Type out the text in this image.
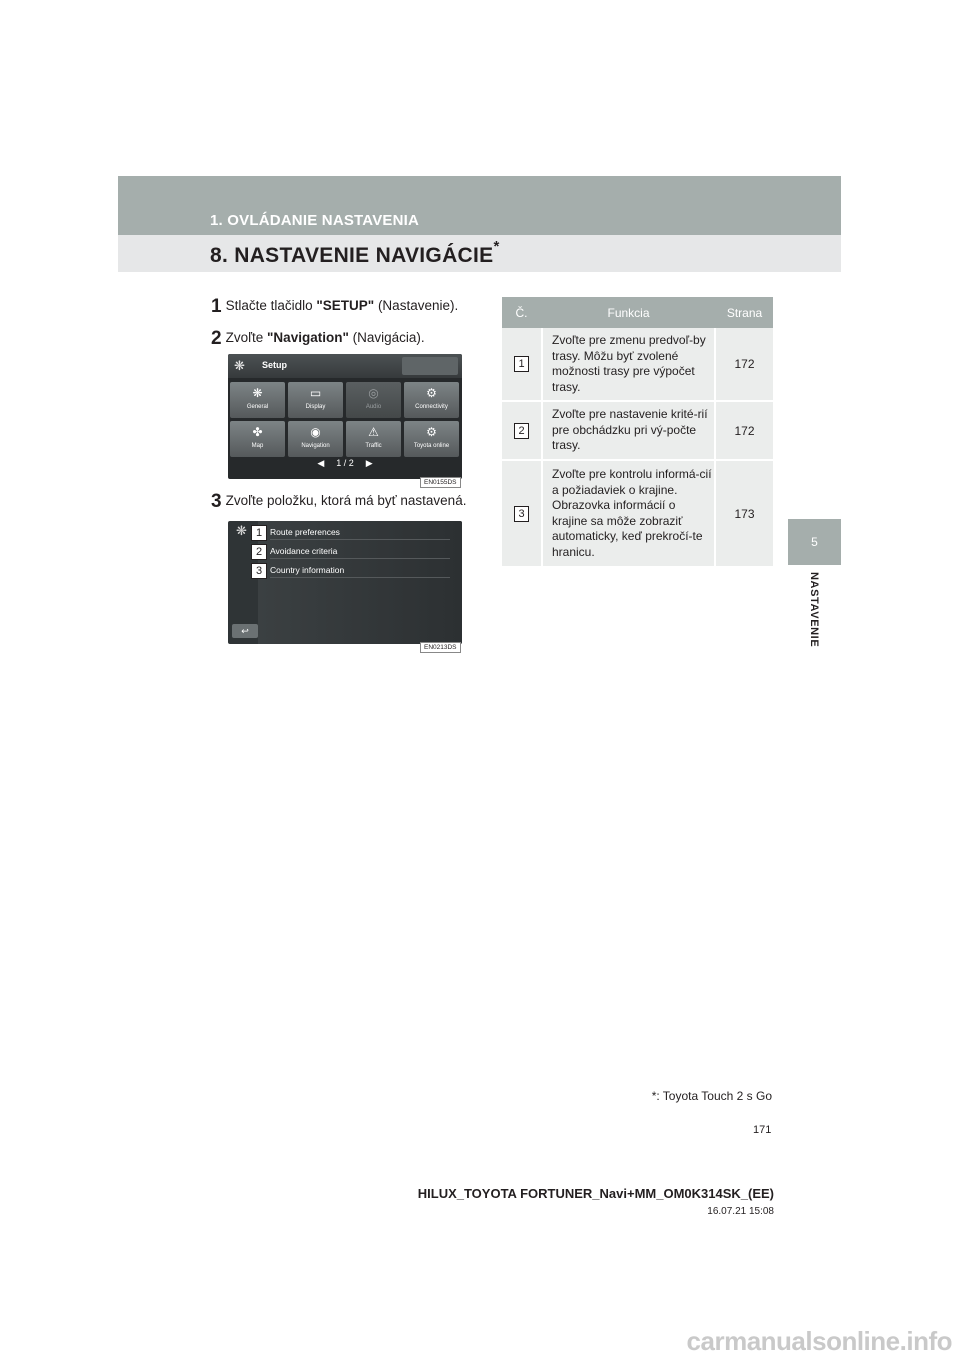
1. OVLÁDANIE NASTAVENIA
8. NASTAVENIE NAVIGÁCIE*
5
NASTAVENIE
1 Stlačte tlačidlo "SETUP" (Nastavenie).
2 Zvoľte "Navigation" (Navigácia).
3 Zvoľte položku, ktorá má byť nastavená.
❋ Setup
❋
General
▭
Display
◎
Audio
⚙
Connectivity
✤
Map
◉
Navigation
⚠
Traffic
⚙
Toyota online
◀ 1 / 2 ▶
EN0155DS
❋ 1 Route preferences
2 Avoidance criteria
3 Country information
↩
EN0213DS
Č.	Funkcia	Strana
1
Zvoľte pre zmenu predvoľ-by trasy. Môžu byť zvolené možnosti trasy pre výpočet trasy.
172
2
Zvoľte pre nastavenie krité-rií pre obchádzku pri vý-počte trasy.
172
3
Zvoľte pre kontrolu informá-cií a požiadaviek o krajine. Obrazovka informácií o krajine sa môže zobraziť automaticky, keď prekročí-te hranicu.
173
*: Toyota Touch 2 s Go
171
HILUX_TOYOTA FORTUNER_Navi+MM_OM0K314SK_(EE)
16.07.21 15:08
carmanualsonline.info
